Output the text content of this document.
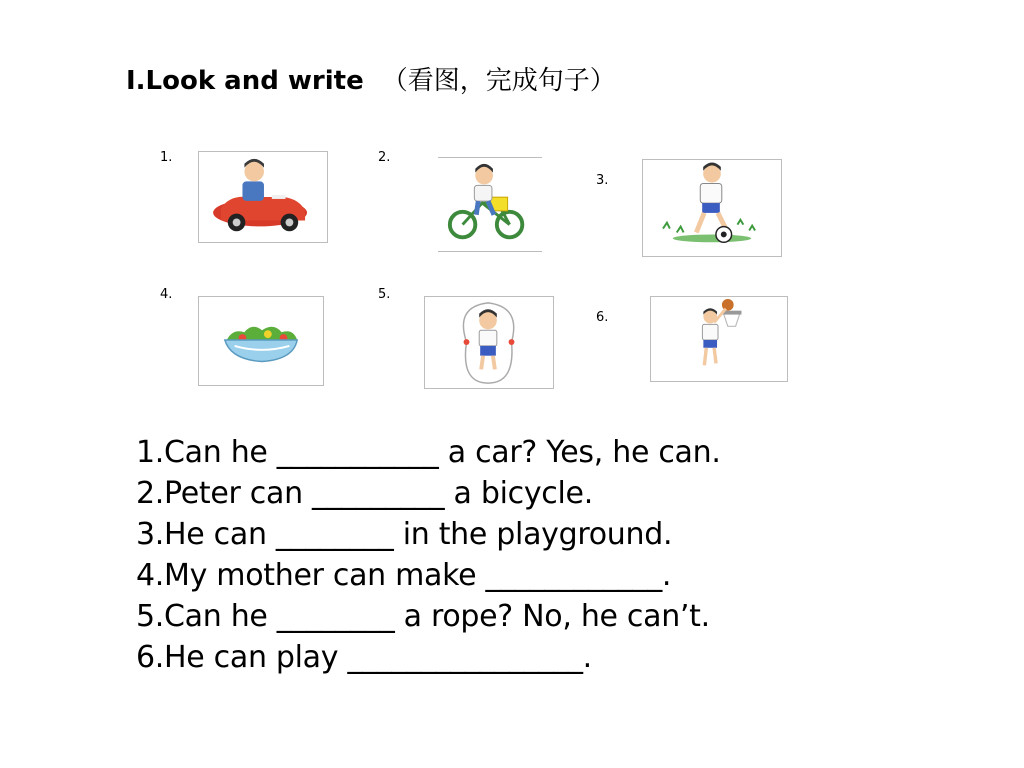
I.Look and write （看图，完成句子）
1.	2.
3.
4.	5.
6.
1.Can he ___________ a car? Yes, he can.
2.Peter can _________ a bicycle.
3.He can ________ in the playground.
4.My mother can make ____________.
5.Can he ________ a rope? No, he can’t.
6.He can play ________________.
